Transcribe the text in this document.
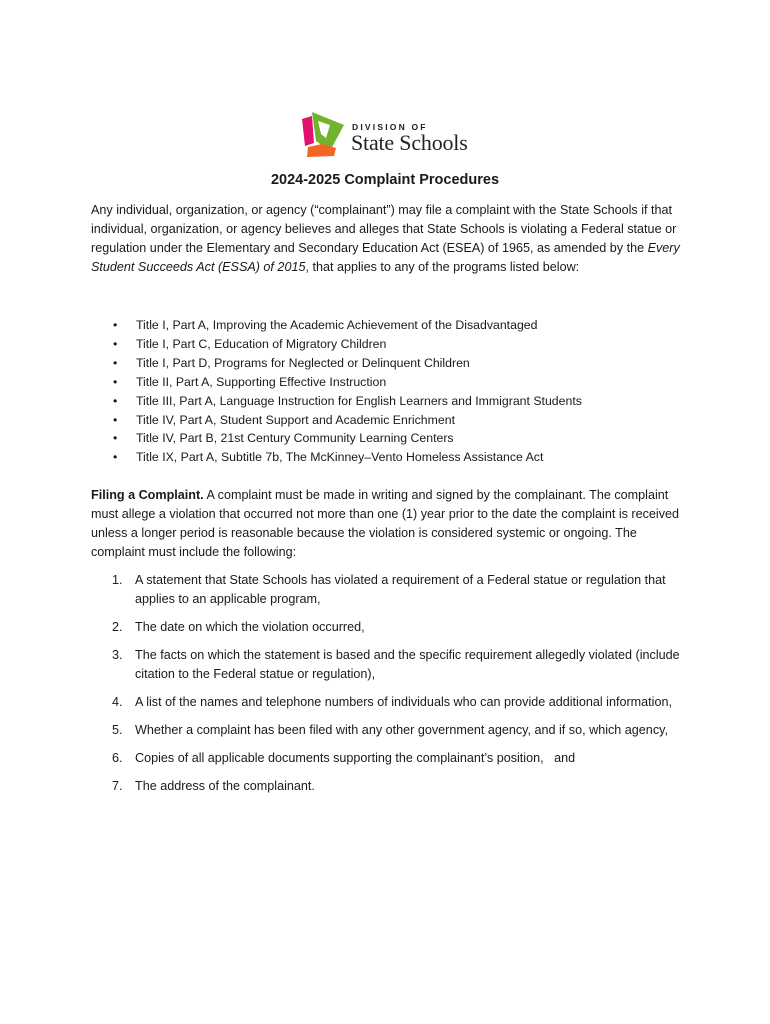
DIVISION OF
State Schools
2024-2025 Complaint Procedures

Any individual, organization, or agency (“complainant”) may file a complaint with the State Schools if that individual, organization, or agency believes and alleges that State Schools is violating a Federal statue or regulation under the Elementary and Secondary Education Act (ESEA) of 1965, as amended by the Every Student Succeeds Act (ESSA) of 2015, that applies to any of the programs listed below:

• Title I, Part A, Improving the Academic Achievement of the Disadvantaged
• Title I, Part C, Education of Migratory Children
• Title I, Part D, Programs for Neglected or Delinquent Children
• Title II, Part A, Supporting Effective Instruction
• Title III, Part A, Language Instruction for English Learners and Immigrant Students
• Title IV, Part A, Student Support and Academic Enrichment
• Title IV, Part B, 21st Century Community Learning Centers
• Title IX, Part A, Subtitle 7b, The McKinney–Vento Homeless Assistance Act

Filing a Complaint. A complaint must be made in writing and signed by the complainant. The complaint must allege a violation that occurred not more than one (1) year prior to the date the complaint is received unless a longer period is reasonable because the violation is considered systemic or ongoing. The complaint must include the following:

1. A statement that State Schools has violated a requirement of a Federal statue or regulation that applies to an applicable program,
2. The date on which the violation occurred,
3. The facts on which the statement is based and the specific requirement allegedly violated (include citation to the Federal statue or regulation),
4. A list of the names and telephone numbers of individuals who can provide additional information,
5. Whether a complaint has been filed with any other government agency, and if so, which agency,
6. Copies of all applicable documents supporting the complainant’s position,   and
7. The address of the complainant.
